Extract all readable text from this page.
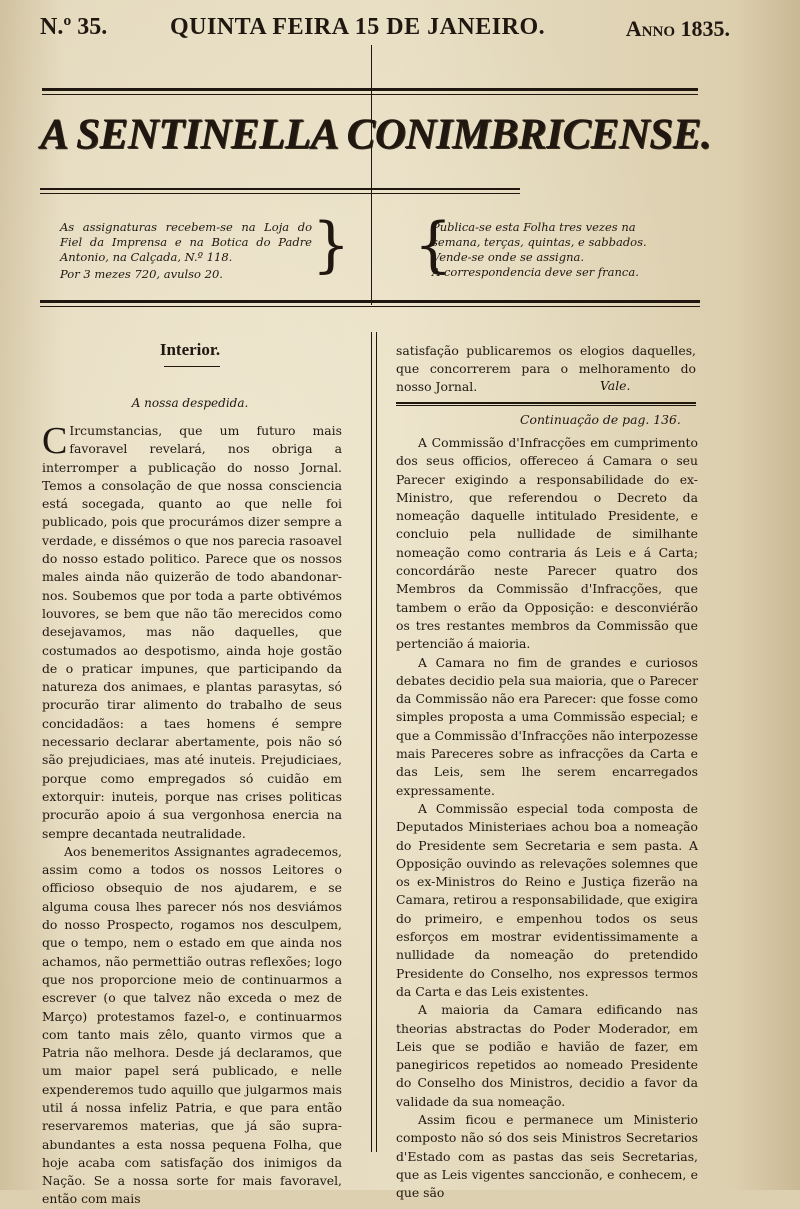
N.º 35.	QUINTA FEIRA 15 DE JANEIRO.	Anno 1835.
A SENTINELLA CONIMBRICENSE.

As assignaturas recebem-se na Loja do Fiel da Imprensa e na Botica do Padre Antonio, na Calçada, N.º 118.

Por 3 mezes 720, avulso 20.	} {

Publica-se esta Folha tres vezes na semana, terças, quintas, e sabbados.

Vende-se onde se assigna.

A correspondencia deve ser franca.

Interior.
A nossa despedida.

C Ircumstancias, que um futuro mais favoravel revelará, nos obriga a interromper a publicação do nosso Jornal. Temos a consolação de que nossa consciencia está socegada, quanto ao que nelle foi publicado, pois que procurámos dizer sempre a verdade, e dissémos o que nos parecia rasoavel do nosso estado politico. Parece que os nossos males ainda não quizerão de todo abandonar-nos. Soubemos que por toda a parte obtivémos louvores, se bem que não tão merecidos como desejavamos, mas não daquelles, que costumados ao despotismo, ainda hoje gostão de o praticar impunes, que participando da natureza dos animaes, e plantas parasytas, só procurão tirar alimento do trabalho de seus concidadãos: a taes homens é sempre necessario declarar abertamente, pois não só são prejudiciaes, mas até inuteis. Prejudiciaes, porque como empregados só cuidão em extorquir: inuteis, porque nas crises politicas procurão apoio á sua vergonhosa enercia na sempre decantada neutralidade.

Aos benemeritos Assignantes agradecemos, assim como a todos os nossos Leitores o officioso obsequio de nos ajudarem, e se alguma cousa lhes parecer nós nos desviámos do nosso Prospecto, rogamos nos desculpem, que o tempo, nem o estado em que ainda nos achamos, não permettião outras reflexões; logo que nos proporcione meio de continuarmos a escrever (o que talvez não exceda o mez de Março) protestamos fazel-o, e continuarmos com tanto mais zêlo, quanto virmos que a Patria não melhora. Desde já declaramos, que um maior papel será publicado, e nelle expenderemos tudo aquillo que julgarmos mais util á nossa infeliz Patria, e que para então reservaremos materias, que já são supra-abundantes a esta nossa pequena Folha, que hoje acaba com satisfação dos inimigos da Nação. Se a nossa sorte for mais favoravel, então com mais

satisfação publicaremos os elogios daquelles, que concorrerem para o melhoramento do nosso Jornal.	Vale.
Continuação de pag. 136.

A Commissão d'Infracções em cumprimento dos seus officios, offereceo á Camara o seu Parecer exigindo a responsabilidade do ex-Ministro, que referendou o Decreto da nomeação daquelle intitulado Presidente, e concluio pela nullidade de similhante nomeação como contraria ás Leis e á Carta; concordárão neste Parecer quatro dos Membros da Commissão d'Infracções, que tambem o erão da Opposição: e desconviérão os tres restantes membros da Commissão que pertencião á maioria.

A Camara no fim de grandes e curiosos debates decidio pela sua maioria, que o Parecer da Commissão não era Parecer: que fosse como simples proposta a uma Commissão especial; e que a Commissão d'Infracções não interpozesse mais Pareceres sobre as infracções da Carta e das Leis, sem lhe serem encarregados expressamente.

A Commissão especial toda composta de Deputados Ministeriaes achou boa a nomeação do Presidente sem Secretaria e sem pasta. A Opposição ouvindo as relevações solemnes que os ex-Ministros do Reino e Justiça fizerão na Camara, retirou a responsabilidade, que exigira do primeiro, e empenhou todos os seus esforços em mostrar evidentissimamente a nullidade da nomeação do pretendido Presidente do Conselho, nos expressos termos da Carta e das Leis existentes.

A maioria da Camara edificando nas theorias abstractas do Poder Moderador, em Leis que se podião e havião de fazer, em panegiricos repetidos ao nomeado Presidente do Conselho dos Ministros, decidio a favor da validade da sua nomeação.

Assim ficou e permanece um Ministerio composto não só dos seis Ministros Secretarios d'Estado com as pastas das seis Secretarias, que as Leis vigentes sanccionão, e conhecem, e que são
